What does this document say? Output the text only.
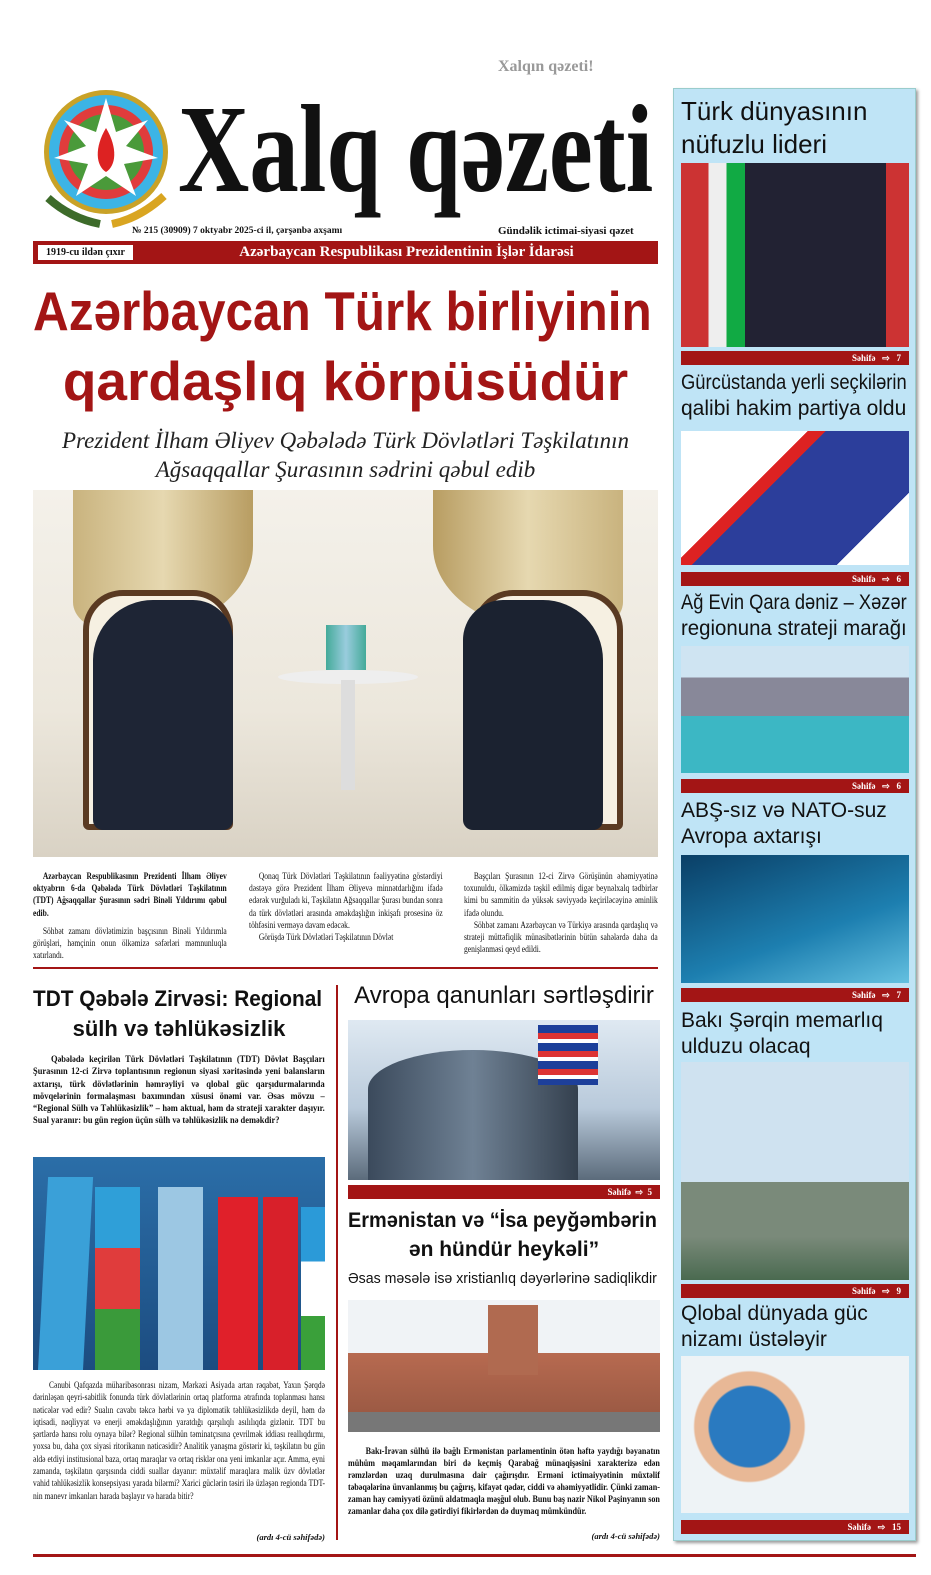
Xalq qəzeti
Xalqın qəzeti!
№ 215 (30909) 7 oktyabr 2025-ci il, çərşənbə axşamı	Gündəlik ictimai-siyasi qəzet
Azərbaycan Respublikası Prezidentinin İşlər İdarəsi
1919-cu ildən çıxır
Azərbaycan Türk birliyinin
qardaşlıq körpüsüdür
Prezident İlham Əliyev Qəbələdə Türk Dövlətləri Təşkilatının
Ağsaqqallar Şurasının sədrini qəbul edib

Azərbaycan Respublikasının Prezidenti İlham Əliyev oktyabrın 6-da Qəbələdə Türk Dövlətləri Təşkilatının (TDT) Ağsaqqallar Şurasının sədri Binəli Yıldırımı qəbul edib.

Söhbət zamanı dövlətimizin başçısının Binəli Yıldırımla görüşləri, həmçinin onun ölkəmizə səfərləri məmnunluqla xatırlandı.

Qonaq Türk Dövlətləri Təşkilatının fəaliyyətinə göstərdiyi dəstəyə görə Prezident İlham Əliyevə minnətdarlığını ifadə edərək vurğuladı ki, Təşkilatın Ağsaqqallar Şurası bundan sonra da türk dövlətləri arasında əməkdaşlığın inkişafı prosesinə öz töhfəsini verməyə davam edəcək.

Görüşdə Türk Dövlətləri Təşkilatının Dövlət

Başçıları Şurasının 12-ci Zirvə Görüşünün əhəmiyyətinə toxunuldu, ölkəmizdə təşkil edilmiş digər beynəlxalq tədbirlər kimi bu sammitin də yüksək səviyyədə keçiriləcəyinə əminlik ifadə olundu.

Söhbət zamanı Azərbaycan və Türkiyə arasında qardaşlıq və strateji müttəfiqlik münasibətlərinin bütün sahələrdə daha da genişlənməsi qeyd edildi.

TDT Qəbələ Zirvəsi: Regional
sülh və təhlükəsizlik
Qəbələdə keçirilən Türk Dövlətləri Təşkilatının (TDT) Dövlət Başçıları Şurasının 12-ci Zirvə toplantısının regionun siyasi xəritəsində yeni balansların axtarışı, türk dövlətlərinin həmrəyliyi və qlobal güc qarşıdurmalarında mövqelərinin formalaşması baxımından xüsusi önəmi var. Əsas mövzu – “Regional Sülh və Təhlükəsizlik” – həm aktual, həm də strateji xarakter daşıyır. Sual yaranır: bu gün region üçün sülh və təhlükəsizlik nə deməkdir?
Cənubi Qafqazda müharibəsonrası nizam, Mərkəzi Asiyada artan rəqabət, Yaxın Şərqdə dərinləşən qeyri-sabitlik fonunda türk dövlətlərinin ortaq platforma ətrafında toplanması hansı nəticələr vəd edir? Sualın cavabı təkcə hərbi və ya diplomatik təhlükəsizlikdə deyil, həm də iqtisadi, nəqliyyat və enerji əməkdaşlığının yaratdığı qarşılıqlı asılılıqda gizlənir. TDT bu şərtlərdə hansı rolu oynaya bilər? Regional sülhün təminatçısına çevrilmək iddiası reallıqdırmı, yoxsa bu, daha çox siyasi ritorikanın nəticəsidir? Analitik yanaşma göstərir ki, təşkilatın bu gün əldə etdiyi institusional baza, ortaq maraqlar və ortaq risklər ona yeni imkanlar açır. Amma, eyni zamanda, təşkilatın qarşısında ciddi suallar dayanır: müxtəlif maraqlara malik üzv dövlətlər vahid təhlükəsizlik konsepsiyası yarada bilərmi? Xarici güclərin təsiri ilə üzləşən regionda TDT-nin manevr imkanları harada başlayır və harada bitir?
(ardı 4-cü səhifədə)
Avropa qanunları sərtləşdirir
Səhifə ⇨ 5
Ermənistan və “İsa peyğəmbərin
ən hündür heykəli”
Əsas məsələ isə xristianlıq dəyərlərinə sadiqlikdir
Bakı-İrəvan sülhü ilə bağlı Ermənistan parlamentinin ötən həftə yaydığı bəyanatın mühüm məqamlarından biri də keçmiş Qarabağ münaqişəsini xarakterizə edən rəmzlərdən uzaq durulmasına dair çağırışdır. Erməni ictimaiyyətinin müxtəlif təbəqələrinə ünvanlanmış bu çağırış, kifayət qədər, ciddi və əhəmiyyətlidir. Çünki zaman-zaman hay cəmiyyəti özünü aldatmaqla məşğul olub. Bunu baş nazir Nikol Paşinyanın son zamanlar daha çox dilə gətirdiyi fikirlərdən də duymaq mümkündür.
(ardı 4-cü səhifədə)
Türk dünyasının
nüfuzlu lideri
Səhifə ⇨ 7
Gürcüstanda yerli seçkilərin
qalibi hakim partiya oldu
Səhifə ⇨ 6
Ağ Evin Qara dəniz – Xəzər
regionuna strateji marağı
Səhifə ⇨ 6
ABŞ-sız və NATO-suz
Avropa axtarışı
Səhifə ⇨ 7
Bakı Şərqin memarlıq
ulduzu olacaq
Səhifə ⇨ 9
Qlobal dünyada güc
nizamı üstələyir
Səhifə ⇨ 15
